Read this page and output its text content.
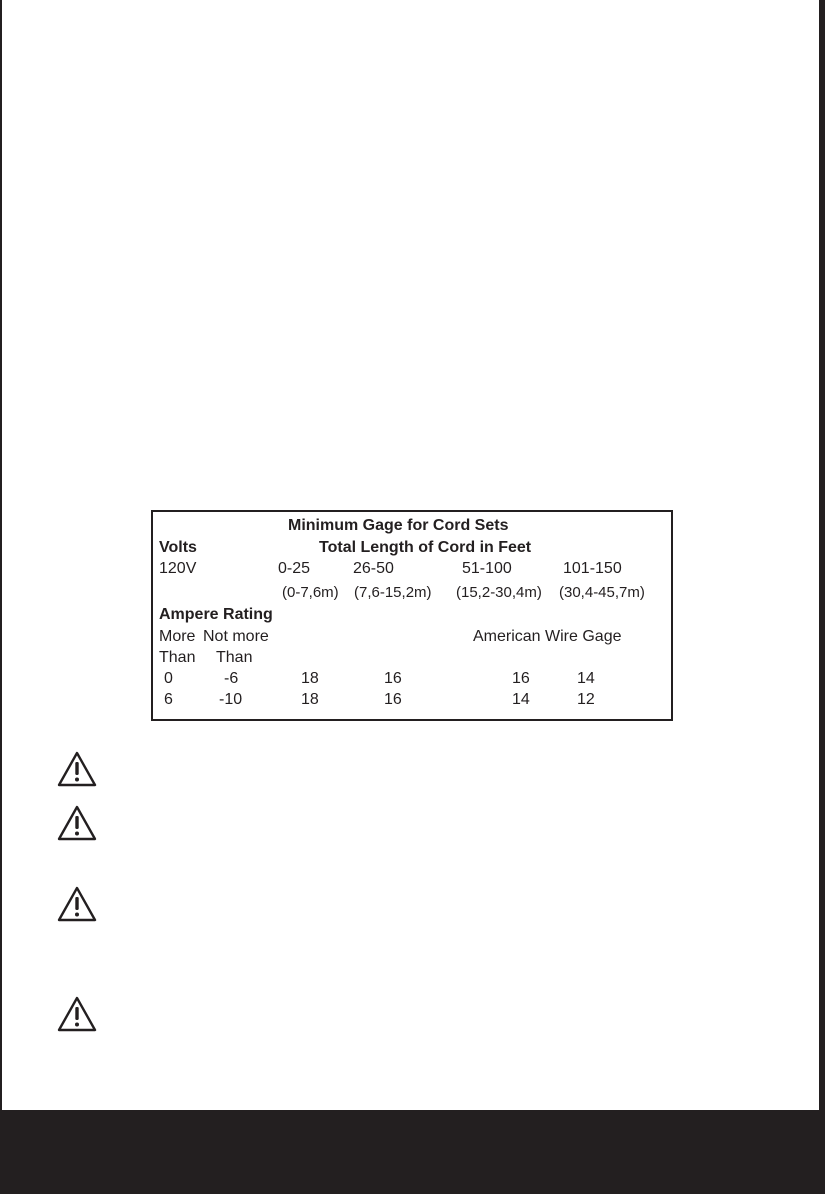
Minimum Gage for Cord Sets
Volts	Total Length of Cord in Feet
120V	0-25	26-50	51-100	101-150
(0-7,6m) (7,6-15,2m) (15,2-30,4m) (30,4-45,7m)
Ampere Rating
More Not more	American Wire Gage
Than Than
0	-6	18	16	16	14
6	-10	18	16	14	12
